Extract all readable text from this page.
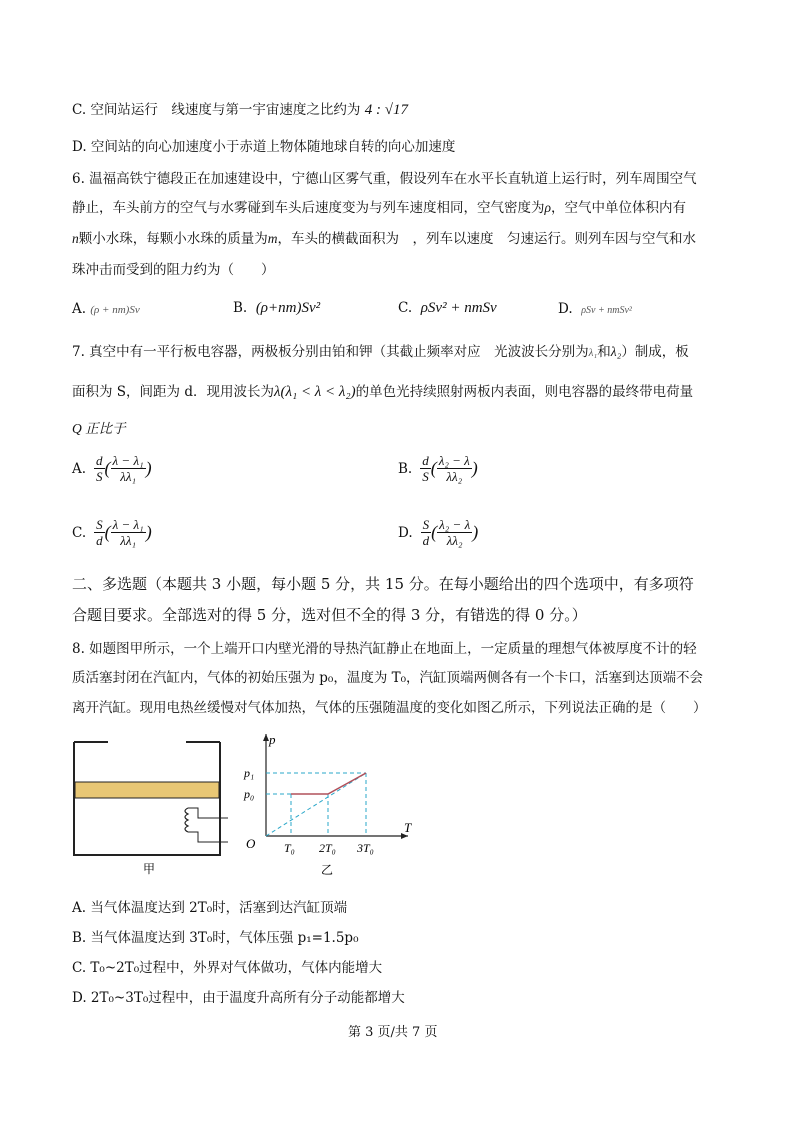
C. 空间站运行　线速度与第一宇宙速度之比约为 4 : √17
D. 空间站的向心加速度小于赤道上物体随地球自转的向心加速度
6. 温福高铁宁德段正在加速建设中，宁德山区雾气重，假设列车在水平长直轨道上运行时，列车周围空气
静止，车头前方的空气与水雾碰到车头后速度变为与列车速度相同，空气密度为ρ，空气中单位体积内有
n颗小水珠，每颗小水珠的质量为m，车头的横截面积为　，列车以速度　匀速运行。则列车因与空气和水
珠冲击而受到的阻力约为（　　）
A. (ρ + nm)Sv	B. (ρ+nm)Sv²	C. ρSv² + nmSv	D. ρSv + nmSv²
7. 真空中有一平行板电容器，两极板分别由铂和钾（其截止频率对应　光波波长分别为λ₁和λ₂）制成，板
面积为 S，间距为 d．现用波长为λ(λ₁ < λ < λ₂)的单色光持续照射两板内表面，则电容器的最终带电荷量
Q 正比于
A. $\frac{d}{S}$ ( $\frac{\text{λ − λ₁}}{\text{λλ₁}}$ )	B. $\frac{d}{S}$ ( $\frac{\text{λ₂ − λ}}{\text{λλ₂}}$ )
C. $\frac{S}{d}$ ( $\frac{\text{λ − λ₁}}{\text{λλ₁}}$ )	D. $\frac{S}{d}$ ( $\frac{\text{λ₂ − λ}}{\text{λλ₂}}$ )
二、多选题（本题共 3 小题，每小题 5 分，共 15 分。在每小题给出的四个选项中，有多项符
合题目要求。全部选对的得 5 分，选对但不全的得 3 分，有错选的得 0 分。）
8. 如题图甲所示，一个上端开口内壁光滑的导热汽缸静止在地面上，一定质量的理想气体被厚度不计的轻
质活塞封闭在汽缸内，气体的初始压强为 p₀，温度为 T₀，汽缸顶端两侧各有一个卡口，活塞到达顶端不会
离开汽缸。现用电热丝缓慢对气体加热，气体的压强随温度的变化如图乙所示，下列说法正确的是（　　）
甲
p
T
O
p₁
p₀
T₀ 2T₀ 3T₀
乙
A. 当气体温度达到 2T₀时，活塞到达汽缸顶端
B. 当气体温度达到 3T₀时，气体压强 p₁=1.5p₀
C. T₀~2T₀过程中，外界对气体做功，气体内能增大
D. 2T₀~3T₀过程中，由于温度升高所有分子动能都增大
第 3 页/共 7 页
